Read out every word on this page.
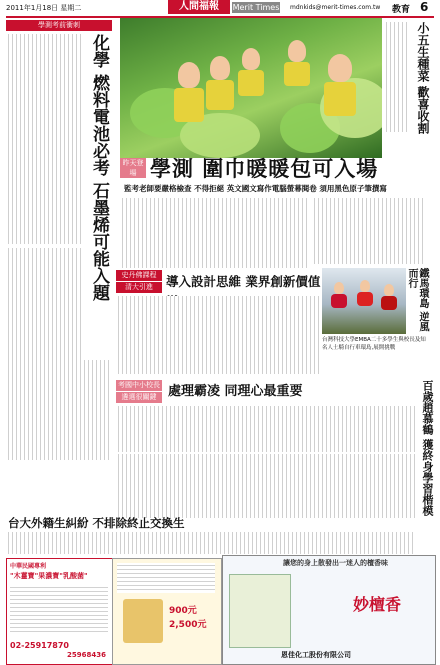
2011年1月18日 星期二	人間福報	Merit Times mdnkids@merit-times.com.tw 教育 6
學測考前衝刺
化學 燃料電池必考 石墨烯可能入題	小五生種菜 歡喜收割
昨天登場 學測 圍巾暖暖包可入場
監考老師要嚴格檢查 不得拒絕 英文國文寫作電腦螢幕閱卷 須用黑色原子筆撰寫
史丹佛課程
清大引進	導入設計思維 業界創新價值	鐵馬環島 逆風而行
台灣科技大學EMBA二十多學生與校長及知名人士騎自行車環島,展開挑戰
考國中小校長
遴選很關鍵 處理霸凌 同理心最重要	百歲趙慕鶴 獲終身學習楷模
台大外籍生糾紛 不排除終止交換生
中華民國專利
"木薑寶"果濃寶"乳酸菌"
02-25917870
25968436
900元
2,500元
讓您的身上散發出一迷人的檀香味
妙檀香
恩佳化工股份有限公司
